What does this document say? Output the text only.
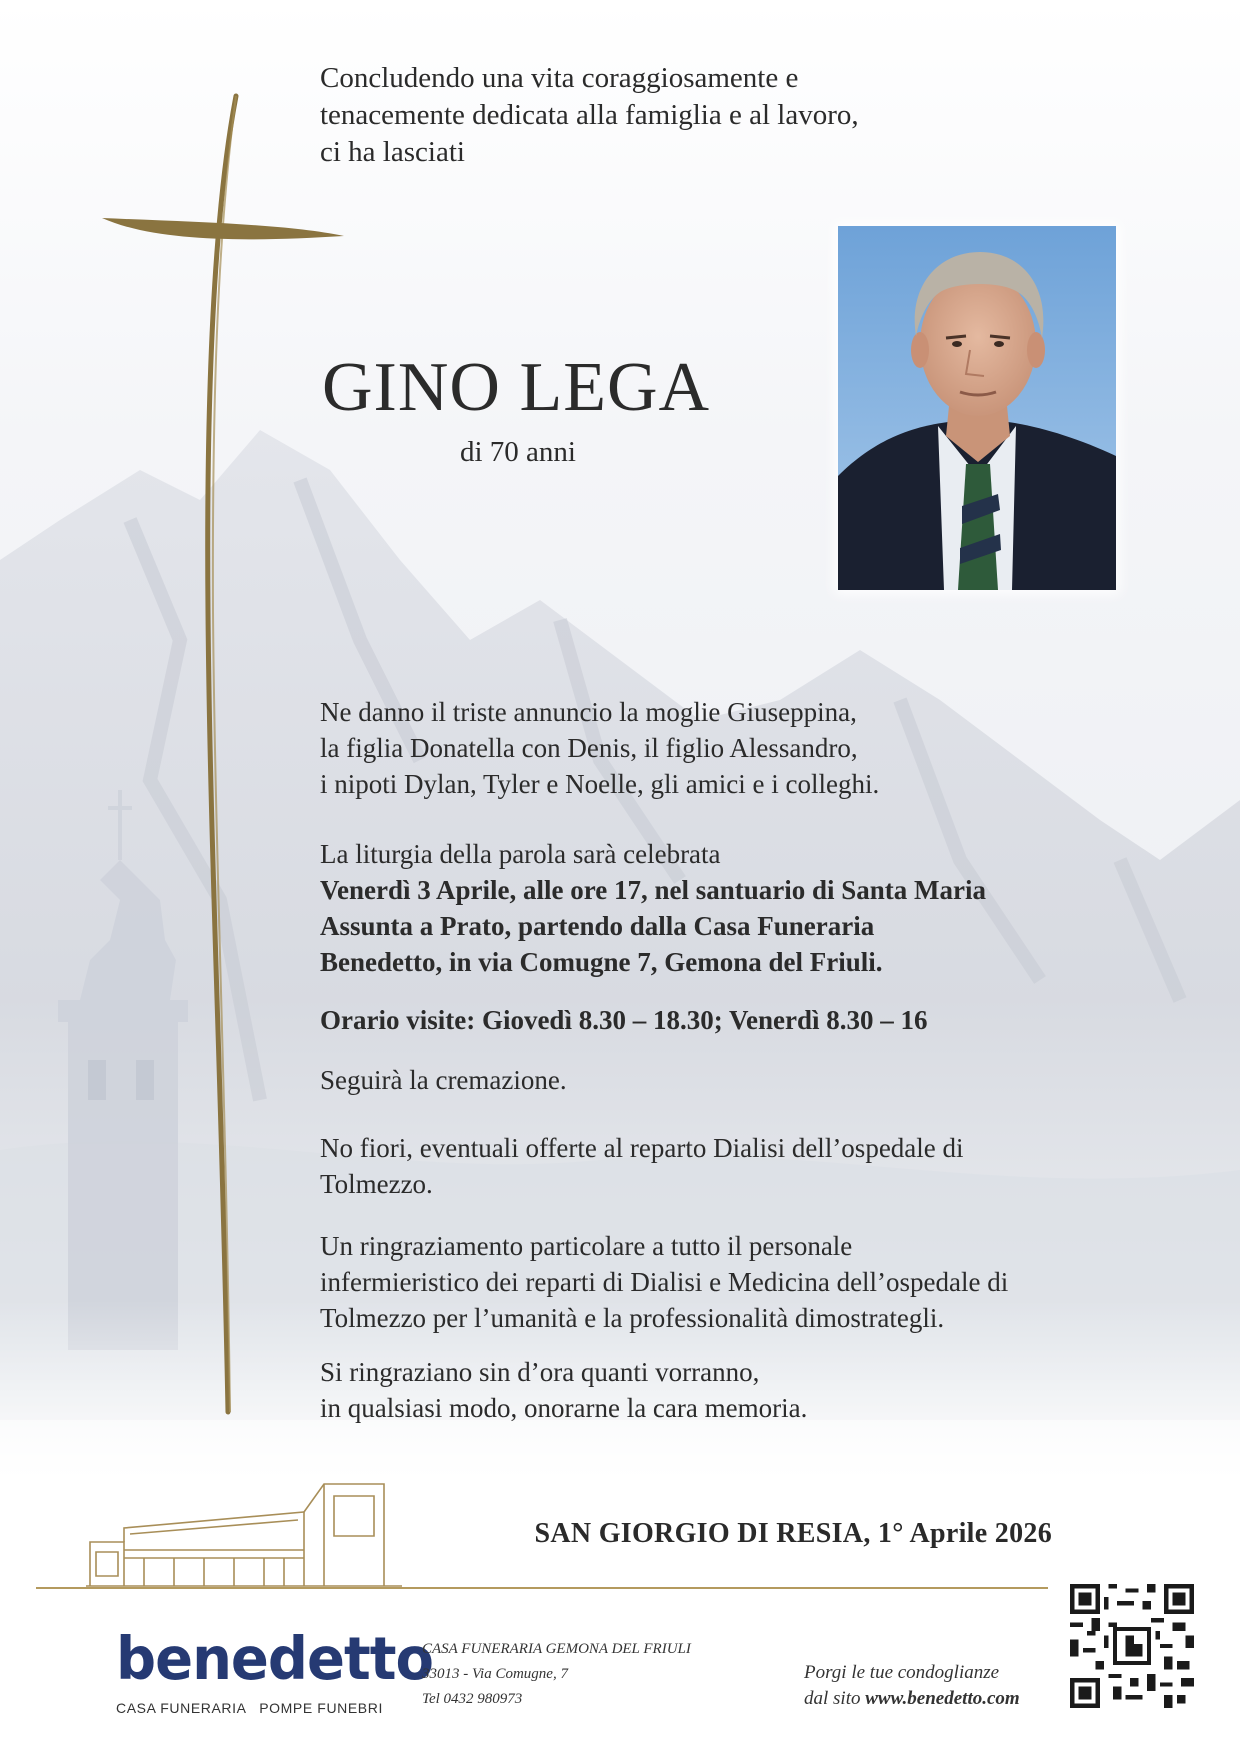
Concludendo una vita coraggiosamente e
tenacemente dedicata alla famiglia e al lavoro,
ci ha lasciati
GINO LEGA
di 70 anni
Ne danno il triste annuncio la moglie Giuseppina,
la figlia Donatella con Denis, il figlio Alessandro,
i nipoti Dylan, Tyler e Noelle, gli amici e i colleghi.
La liturgia della parola sarà celebrata
Venerdì 3 Aprile, alle ore 17, nel santuario di Santa Maria
Assunta a Prato, partendo dalla Casa Funeraria
Benedetto, in via Comugne 7, Gemona del Friuli.
Orario visite: Giovedì 8.30 – 18.30; Venerdì 8.30 – 16
Seguirà la cremazione.
No fiori, eventuali offerte al reparto Dialisi dell’ospedale di
Tolmezzo.
Un ringraziamento particolare a tutto il personale
infermieristico dei reparti di Dialisi e Medicina dell’ospedale di
Tolmezzo per l’umanità e la professionalità dimostrategli.
Si ringraziano sin d’ora quanti vorranno,
in qualsiasi modo, onorarne la cara memoria.
SAN GIORGIO DI RESIA, 1° Aprile 2026
benedetto
CASA FUNERARIA   POMPE FUNEBRI
CASA FUNERARIA GEMONA DEL FRIULI
33013 - Via Comugne, 7
Tel 0432 980973
Porgi le tue condoglianze
dal sito www.benedetto.com
